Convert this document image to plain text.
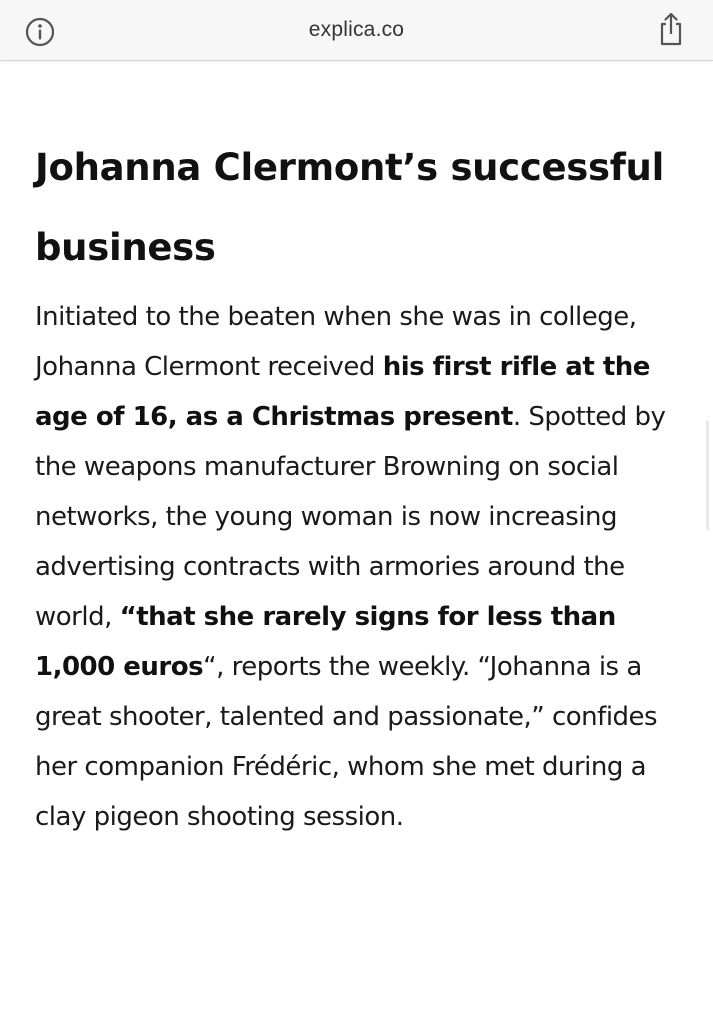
explica.co
Johanna Clermont’s successful business

Initiated to the beaten when she was in college, Johanna Clermont received his first rifle at the age of 16, as a Christmas present. Spotted by the weapons manufacturer Browning on social networks, the young woman is now increasing advertising contracts with armories around the world, “that she rarely signs for less than 1,000 euros“, reports the weekly. “Johanna is a great shooter, talented and passionate,” confides her companion Frédéric, whom she met during a clay pigeon shooting session.
